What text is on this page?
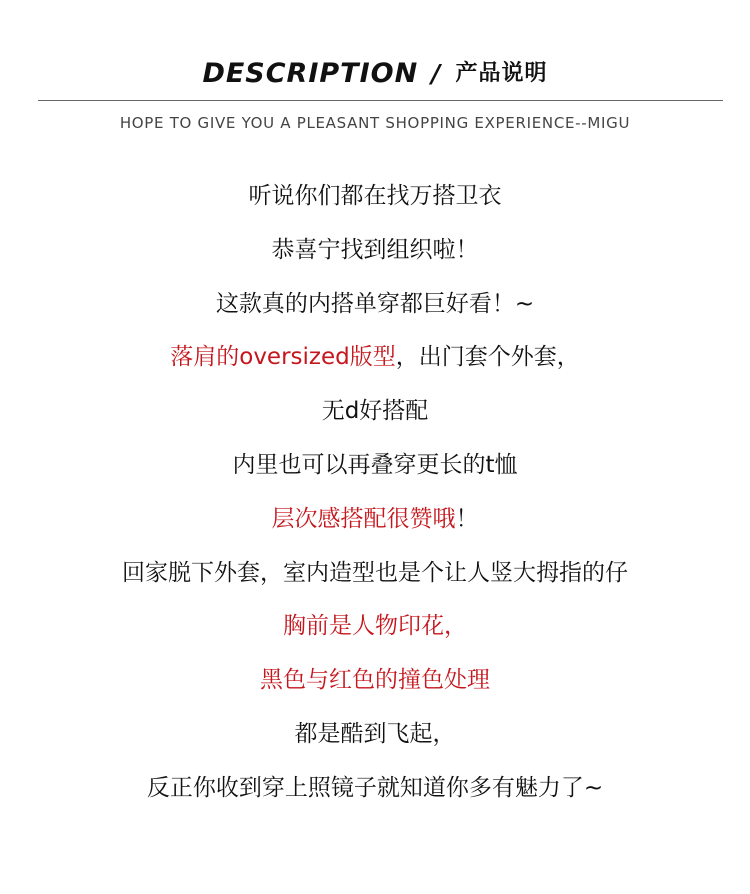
DESCRIPTION / 产品说明
HOPE TO GIVE YOU A PLEASANT SHOPPING EXPERIENCE--MIGU
听说你们都在找万搭卫衣
恭喜宁找到组织啦！
这款真的内搭单穿都巨好看！~
落肩的oversized版型，出门套个外套，
无d好搭配
内里也可以再叠穿更长的t恤
层次感搭配很赞哦！
回家脱下外套，室内造型也是个让人竖大拇指的仔
胸前是人物印花，
黑色与红色的撞色处理
都是酷到飞起，
反正你收到穿上照镜子就知道你多有魅力了~
